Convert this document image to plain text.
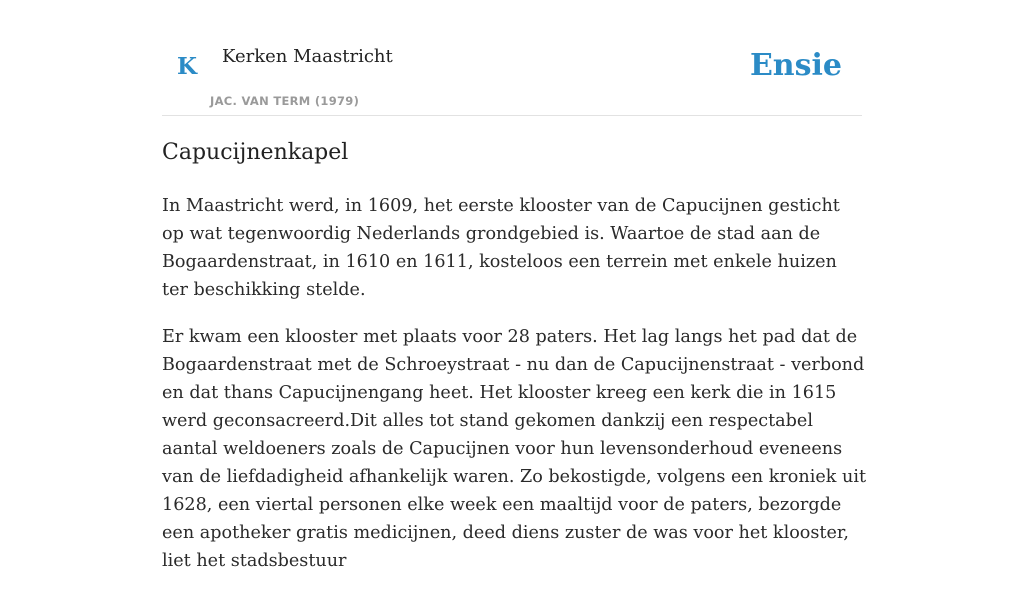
K Kerken Maastricht
JAC. VAN TERM (1979)
Ensie
Capucijnenkapel

In Maastricht werd, in 1609, het eerste klooster van de Capucijnen gesticht op wat tegenwoordig Nederlands grondgebied is. Waartoe de stad aan de Bogaardenstraat, in 1610 en 1611, kosteloos een terrein met enkele huizen ter beschikking stelde.

Er kwam een klooster met plaats voor 28 paters. Het lag langs het pad dat de Bogaardenstraat met de Schroeystraat - nu dan de Capucijnenstraat - verbond en dat thans Capucijnengang heet. Het klooster kreeg een kerk die in 1615 werd geconsacreerd.Dit alles tot stand gekomen dankzij een respectabel aantal weldoeners zoals de Capucijnen voor hun levensonderhoud eveneens van de liefdadigheid afhankelijk waren. Zo bekostigde, volgens een kroniek uit 1628, een viertal personen elke week een maaltijd voor de paters, bezorgde een apotheker gratis medicijnen, deed diens zuster de was voor het klooster, liet het stadsbestuur
